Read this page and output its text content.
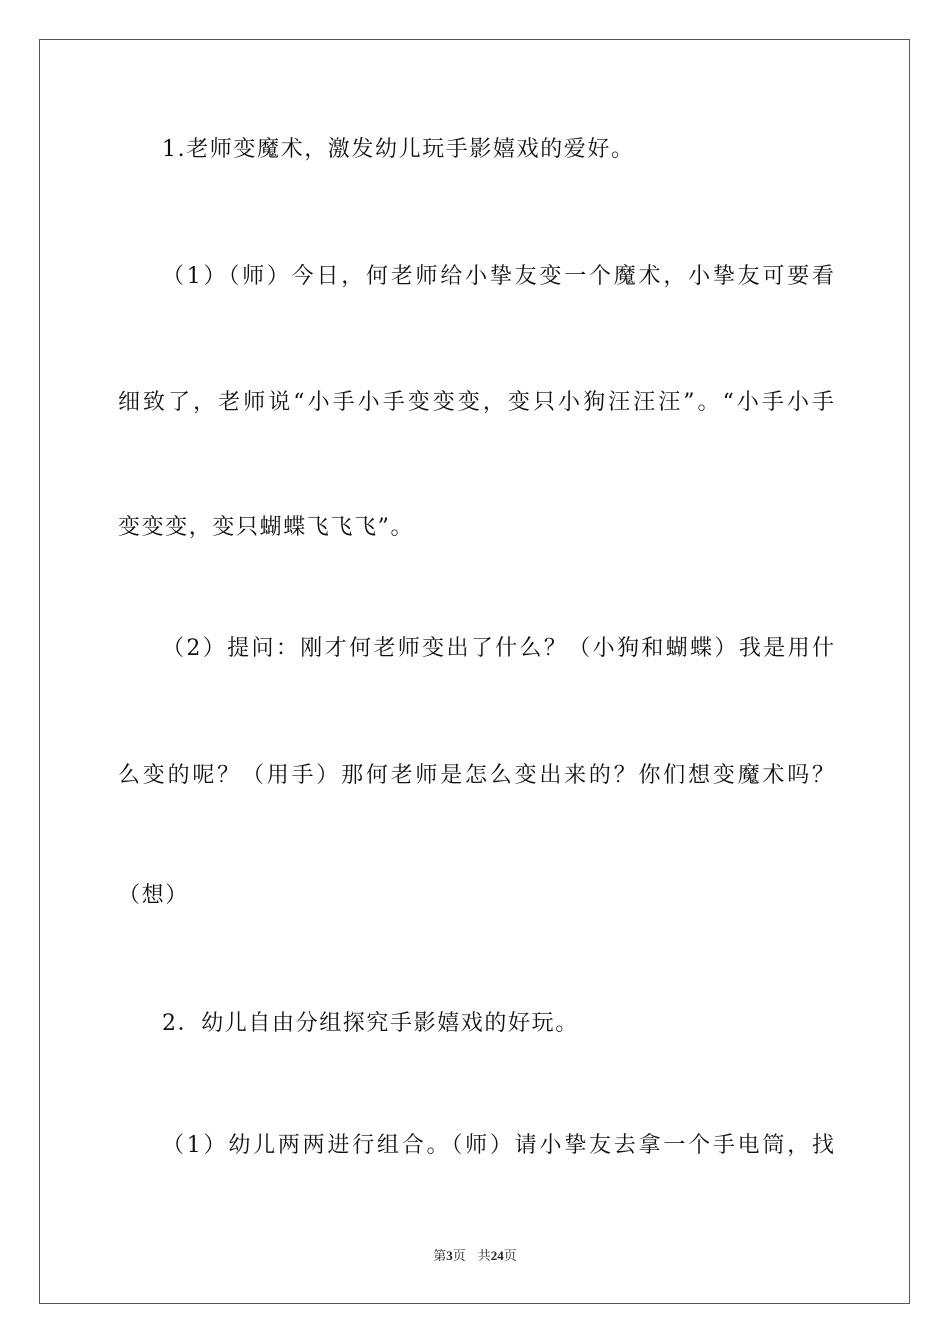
1.老师变魔术，激发幼儿玩手影嬉戏的爱好。
（1）（师）今日，何老师给小挚友变一个魔术，小挚友可要看
细致了，老师说“小手小手变变变，变只小狗汪汪汪”。“小手小手
变变变，变只蝴蝶飞飞飞”。
（2）提问：刚才何老师变出了什么？（小狗和蝴蝶）我是用什
么变的呢？（用手）那何老师是怎么变出来的？你们想变魔术吗？
（想）
2．幼儿自由分组探究手影嬉戏的好玩。
（1）幼儿两两进行组合。（师）请小挚友去拿一个手电筒，找
第3页 共24页
